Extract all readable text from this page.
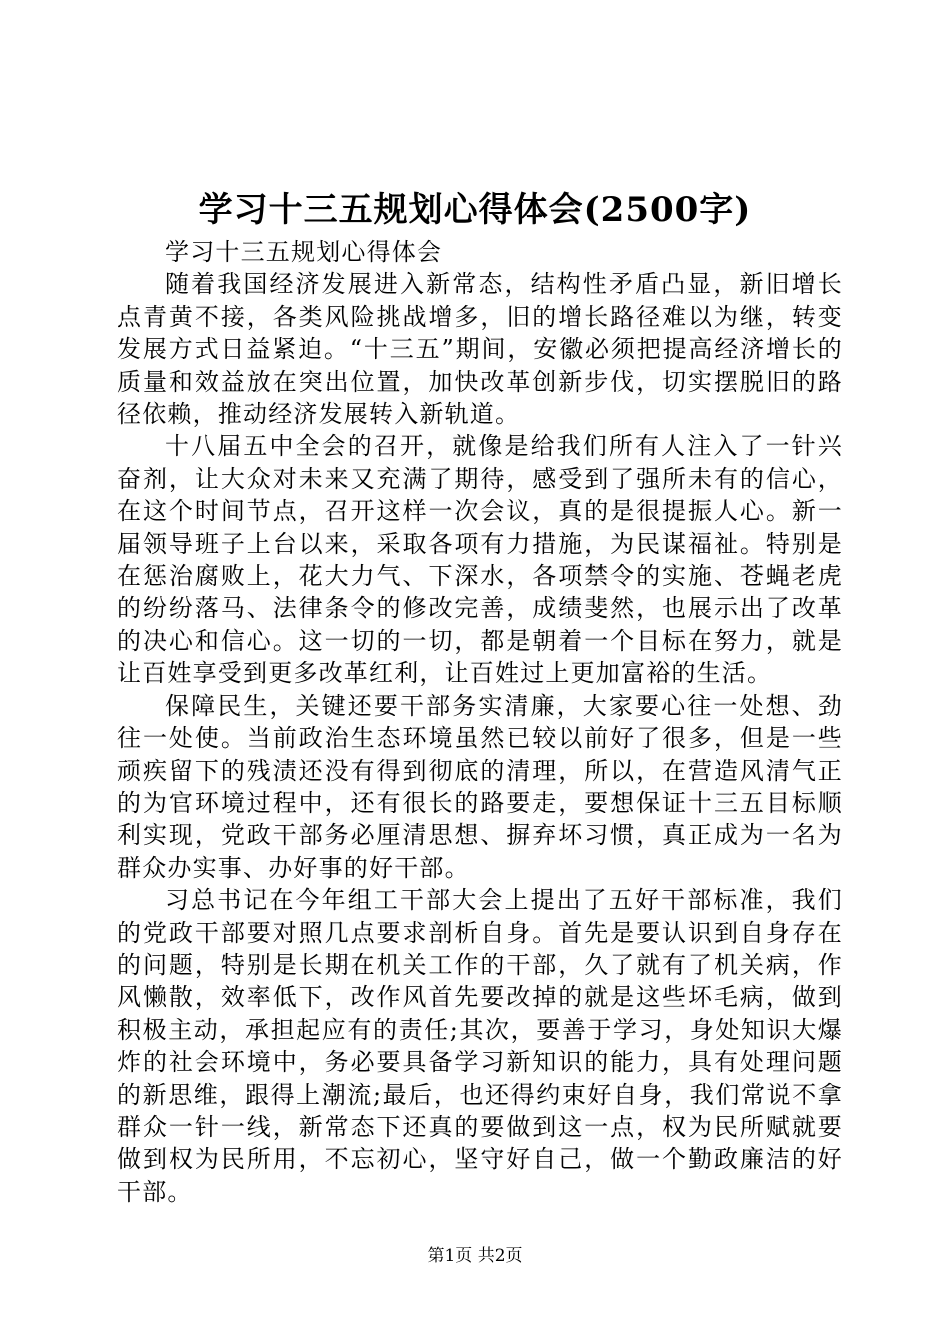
学习十三五规划心得体会(2500字)

学习十三五规划心得体会

随着我国经济发展进入新常态，结构性矛盾凸显，新旧增长点青黄不接，各类风险挑战增多，旧的增长路径难以为继，转变发展方式日益紧迫。“十三五”期间，安徽必须把提高经济增长的质量和效益放在突出位置，加快改革创新步伐，切实摆脱旧的路径依赖，推动经济发展转入新轨道。

十八届五中全会的召开，就像是给我们所有人注入了一针兴奋剂，让大众对未来又充满了期待，感受到了强所未有的信心，在这个时间节点，召开这样一次会议，真的是很提振人心。新一届领导班子上台以来，采取各项有力措施，为民谋福祉。特别是在惩治腐败上，花大力气、下深水，各项禁令的实施、苍蝇老虎的纷纷落马、法律条令的修改完善，成绩斐然，也展示出了改革的决心和信心。这一切的一切，都是朝着一个目标在努力，就是让百姓享受到更多改革红利，让百姓过上更加富裕的生活。

保障民生，关键还要干部务实清廉，大家要心往一处想、劲往一处使。当前政治生态环境虽然已较以前好了很多，但是一些顽疾留下的残渍还没有得到彻底的清理，所以，在营造风清气正的为官环境过程中，还有很长的路要走，要想保证十三五目标顺利实现，党政干部务必厘清思想、摒弃坏习惯，真正成为一名为群众办实事、办好事的好干部。

习总书记在今年组工干部大会上提出了五好干部标准，我们的党政干部要对照几点要求剖析自身。首先是要认识到自身存在的问题，特别是长期在机关工作的干部，久了就有了机关病，作风懒散，效率低下，改作风首先要改掉的就是这些坏毛病，做到积极主动，承担起应有的责任;其次，要善于学习，身处知识大爆炸的社会环境中，务必要具备学习新知识的能力，具有处理问题的新思维，跟得上潮流;最后，也还得约束好自身，我们常说不拿群众一针一线，新常态下还真的要做到这一点，权为民所赋就要做到权为民所用，不忘初心，坚守好自己，做一个勤政廉洁的好干部。

第1页 共2页
